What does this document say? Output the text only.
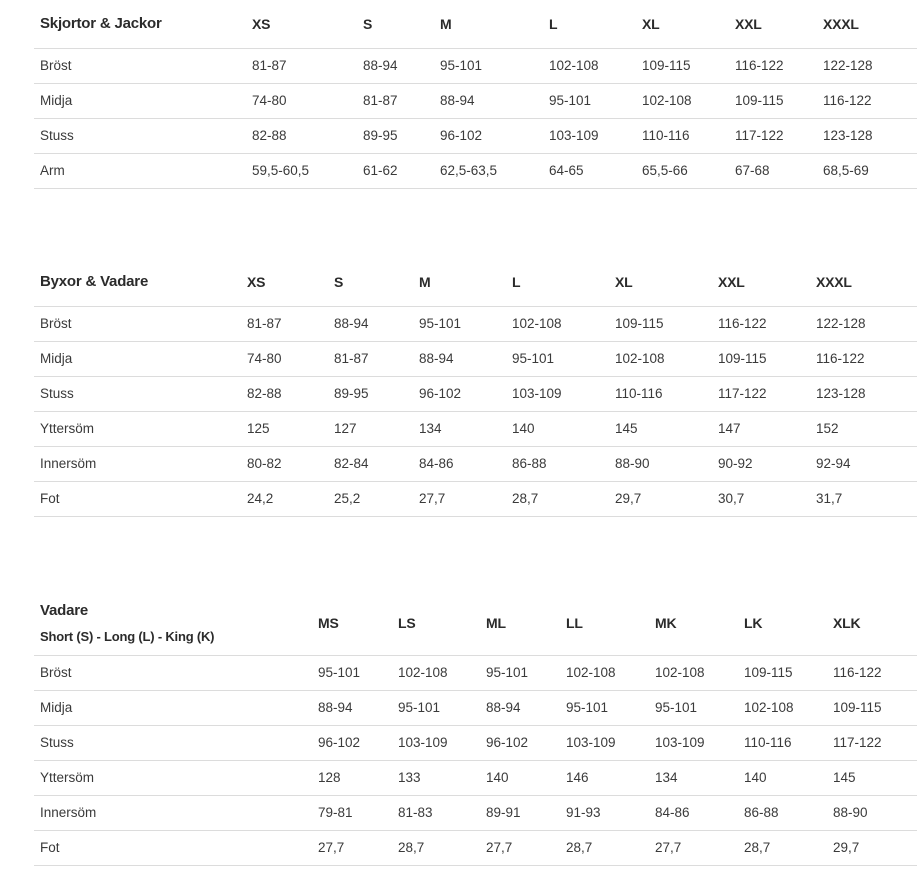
Skjortor & Jackor	XS	S	M	L	XL	XXL	XXXL
Bröst	81-87	88-94	95-101	102-108	109-115	116-122	122-128
Midja	74-80	81-87	88-94	95-101	102-108	109-115	116-122
Stuss	82-88	89-95	96-102	103-109	110-116	117-122	123-128
Arm	59,5-60,5	61-62	62,5-63,5	64-65	65,5-66	67-68	68,5-69
Byxor & Vadare	XS	S	M	L	XL	XXL	XXXL
Bröst	81-87	88-94	95-101	102-108	109-115	116-122	122-128
Midja	74-80	81-87	88-94	95-101	102-108	109-115	116-122
Stuss	82-88	89-95	96-102	103-109	110-116	117-122	123-128
Yttersöm	125	127	134	140	145	147	152
Innersöm	80-82	82-84	84-86	86-88	88-90	90-92	92-94
Fot	24,2	25,2	27,7	28,7	29,7	30,7	31,7
Vadare
Short (S) - Long (L) - King (K)	MS	LS	ML	LL	MK	LK	XLK
Bröst	95-101	102-108	95-101	102-108	102-108	109-115	116-122
Midja	88-94	95-101	88-94	95-101	95-101	102-108	109-115
Stuss	96-102	103-109	96-102	103-109	103-109	110-116	117-122
Yttersöm	128	133	140	146	134	140	145
Innersöm	79-81	81-83	89-91	91-93	84-86	86-88	88-90
Fot	27,7	28,7	27,7	28,7	27,7	28,7	29,7
